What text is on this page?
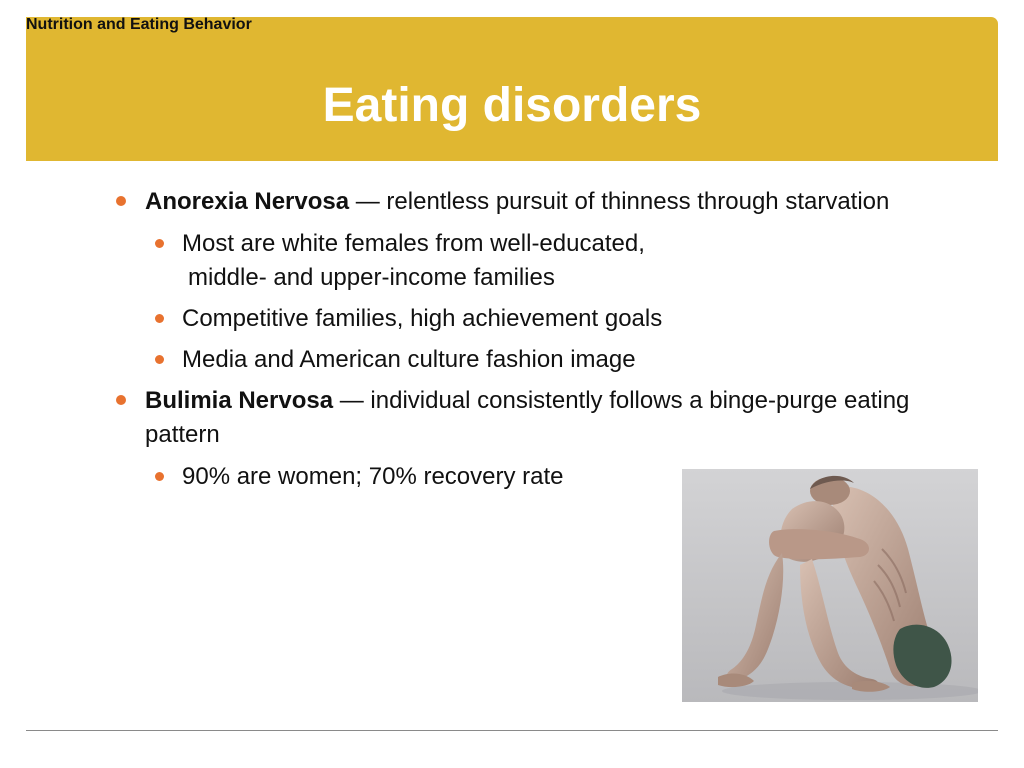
Nutrition and Eating Behavior
Eating disorders
Anorexia Nervosa — relentless pursuit of thinness through starvation
Most are white females from well-educated,
middle- and upper-income families
Competitive families, high achievement goals
Media and American culture fashion image
Bulimia Nervosa — individual consistently follows a binge-purge eating pattern
90% are women; 70% recovery rate
